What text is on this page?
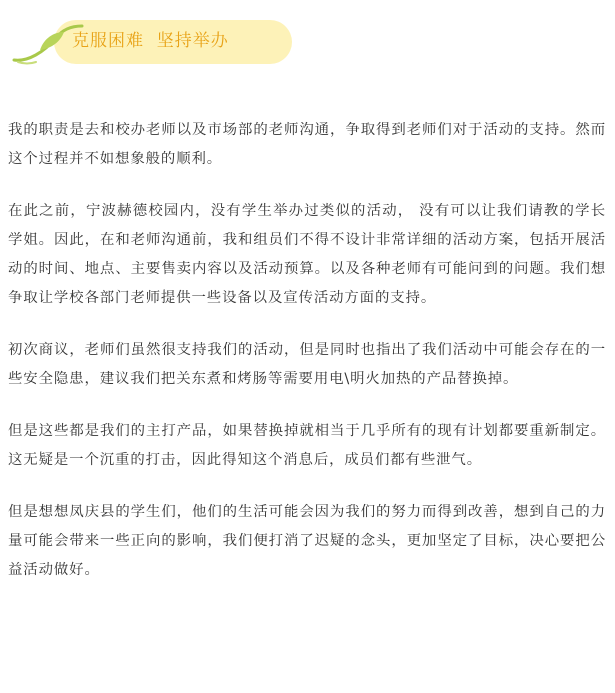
克服困难  坚持举办

我的职责是去和校办老师以及市场部的老师沟通，争取得到老师们对于活动的支持。然而这个过程并不如想象般的顺利。

在此之前，宁波赫德校园内，没有学生举办过类似的活动， 没有可以让我们请教的学长学姐。因此，在和老师沟通前，我和组员们不得不设计非常详细的活动方案，包括开展活动的时间、地点、主要售卖内容以及活动预算。以及各种老师有可能问到的问题。我们想争取让学校各部门老师提供一些设备以及宣传活动方面的支持。

初次商议，老师们虽然很支持我们的活动，但是同时也指出了我们活动中可能会存在的一些安全隐患，建议我们把关东煮和烤肠等需要用电\明火加热的产品替换掉。

但是这些都是我们的主打产品，如果替换掉就相当于几乎所有的现有计划都要重新制定。这无疑是一个沉重的打击，因此得知这个消息后，成员们都有些泄气。

但是想想凤庆县的学生们，他们的生活可能会因为我们的努力而得到改善，想到自己的力量可能会带来一些正向的影响，我们便打消了迟疑的念头，更加坚定了目标，决心要把公益活动做好。
